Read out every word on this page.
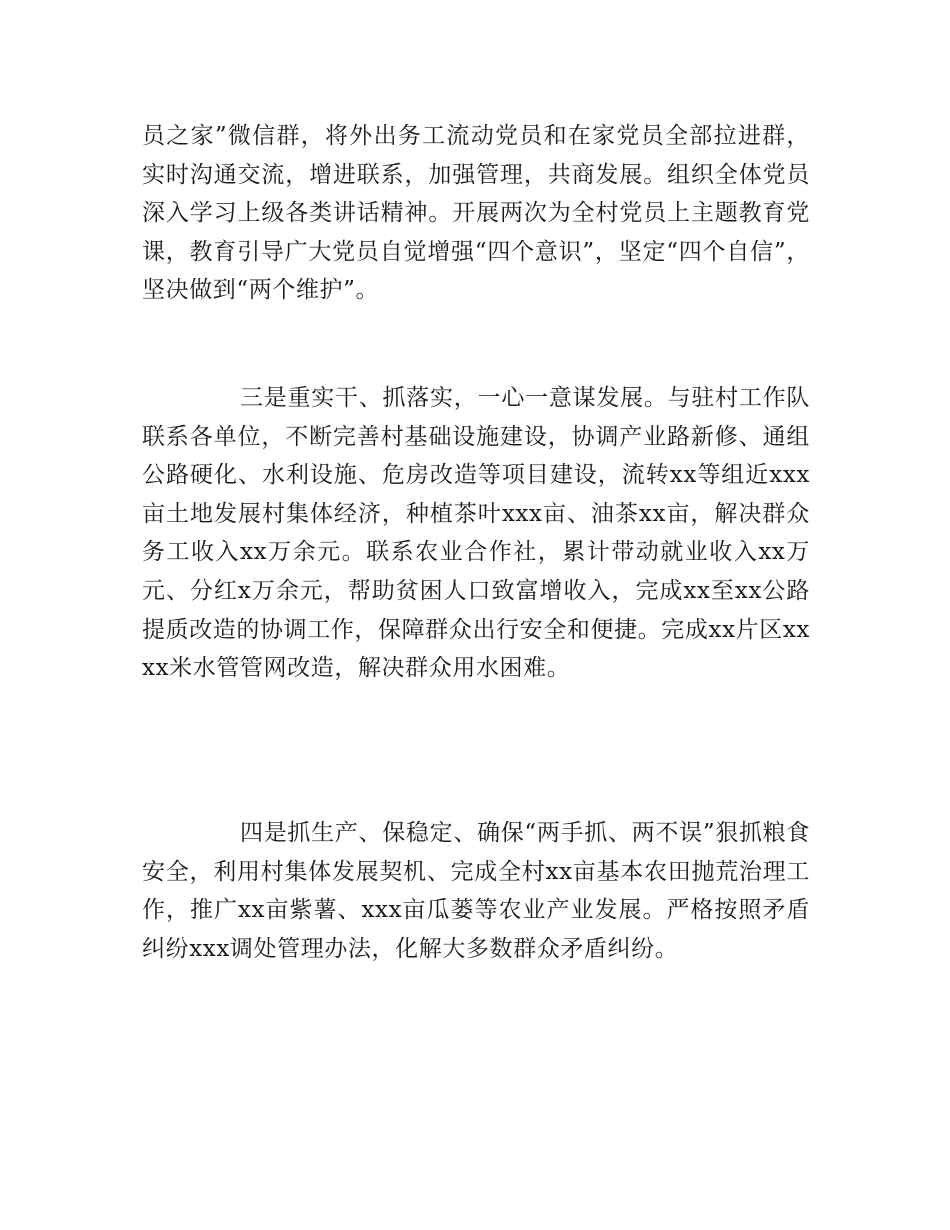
员之家”微信群，将外出务工流动党员和在家党员全部拉进群，实时沟通交流，增进联系，加强管理，共商发展。组织全体党员深入学习上级各类讲话精神。开展两次为全村党员上主题教育党课，教育引导广大党员自觉增强“四个意识”，坚定“四个自信”，坚决做到“两个维护”。

三是重实干、抓落实，一心一意谋发展。与驻村工作队联系各单位，不断完善村基础设施建设，协调产业路新修、通组公路硬化、水利设施、危房改造等项目建设，流转xx等组近xxx亩土地发展村集体经济，种植茶叶xxx亩、油茶xx亩，解决群众务工收入xx万余元。联系农业合作社，累计带动就业收入xx万元、分红x万余元，帮助贫困人口致富增收入，完成xx至xx公路提质改造的协调工作，保障群众出行安全和便捷。完成xx片区xxxx米水管管网改造，解决群众用水困难。

四是抓生产、保稳定、确保“两手抓、两不误”狠抓粮食安全，利用村集体发展契机、完成全村xx亩基本农田抛荒治理工作，推广xx亩紫薯、xxx亩瓜蒌等农业产业发展。严格按照矛盾纠纷xxx调处管理办法，化解大多数群众矛盾纠纷。
